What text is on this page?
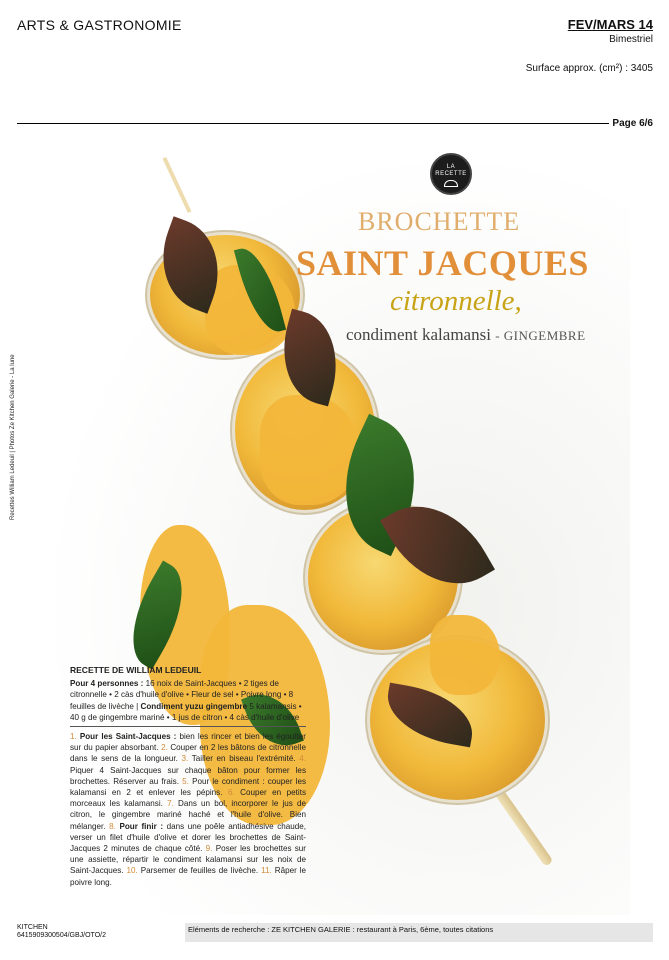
ARTS & GASTRONOMIE	FEV/MARS 14
Bimestriel
Surface approx. (cm²) : 3405
Page 6/6
LA
RECETTE
BROCHETTE
SAINT JACQUES
citronnelle,
condiment kalamansi - GINGEMBRE
Recettes William Ledeuil | Photos Ze Kitchen Galerie - La lune
RECETTE DE WILLIAM LEDEUIL
Pour 4 personnes : 16 noix de Saint-Jacques • 2 tiges de citronnelle • 2 càs d'huile d'olive • Fleur de sel • Poivre long • 8 feuilles de livèche | Condiment yuzu gingembre 5 kalamansis • 40 g de gingembre mariné • 1 jus de citron • 4 càs d'huile d'olive

1. Pour les Saint-Jacques : bien les rincer et bien les égoutter sur du papier absorbant. 2. Couper en 2 les bâtons de citronnelle dans le sens de la longueur. 3. Tailler en biseau l'extrémité. 4. Piquer 4 Saint-Jacques sur chaque bâton pour former les brochettes. Réserver au frais. 5. Pour le condiment : couper les kalamansi en 2 et enlever les pépins. 6. Couper en petits morceaux les kalamansi. 7. Dans un bol, incorporer le jus de citron, le gingembre mariné haché et l'huile d'olive. Bien mélanger. 8. Pour finir : dans une poêle antiadhésive chaude, verser un filet d'huile d'olive et dorer les brochettes de Saint-Jacques 2 minutes de chaque côté. 9. Poser les brochettes sur une assiette, répartir le condiment kalamansi sur les noix de Saint-Jacques. 10. Parsemer de feuilles de livèche. 11. Râper le poivre long.

KITCHEN
6415909300504/GBJ/OTO/2
Eléments de recherche : ZE KITCHEN GALERIE : restaurant à Paris, 6ème, toutes citations
